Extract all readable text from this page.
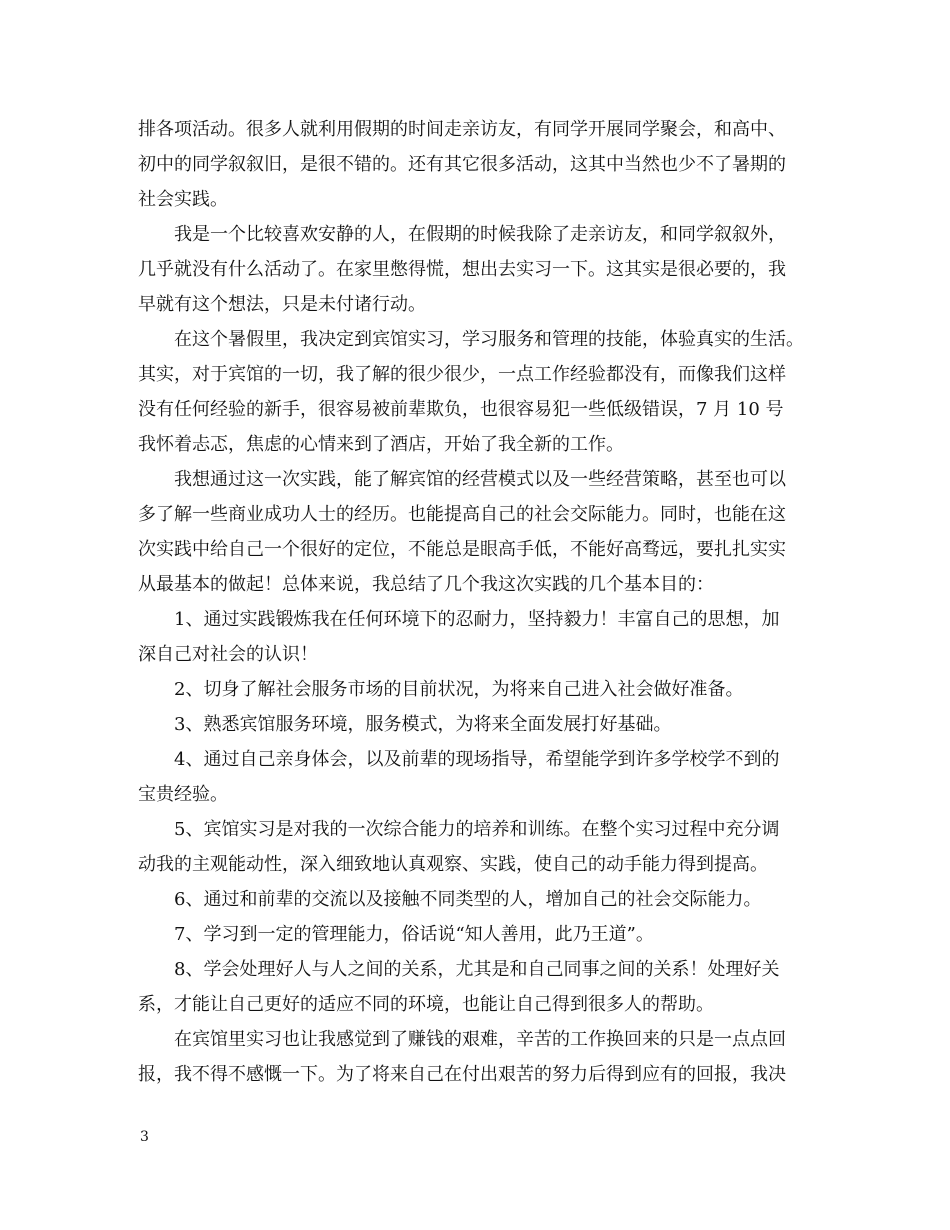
排各项活动。很多人就利用假期的时间走亲访友，有同学开展同学聚会，和高中、
初中的同学叙叙旧，是很不错的。还有其它很多活动，这其中当然也少不了暑期的
社会实践。
我是一个比较喜欢安静的人，在假期的时候我除了走亲访友，和同学叙叙外，
几乎就没有什么活动了。在家里憋得慌，想出去实习一下。这其实是很必要的，我
早就有这个想法，只是未付诸行动。
在这个暑假里，我决定到宾馆实习，学习服务和管理的技能，体验真实的生活。
其实，对于宾馆的一切，我了解的很少很少，一点工作经验都没有，而像我们这样
没有任何经验的新手，很容易被前辈欺负，也很容易犯一些低级错误，7 月 10 号
我怀着忐忑，焦虑的心情来到了酒店，开始了我全新的工作。
我想通过这一次实践，能了解宾馆的经营模式以及一些经营策略，甚至也可以
多了解一些商业成功人士的经历。也能提高自己的社会交际能力。同时，也能在这
次实践中给自己一个很好的定位，不能总是眼高手低，不能好高骛远，要扎扎实实
从最基本的做起！总体来说，我总结了几个我这次实践的几个基本目的：
1、通过实践锻炼我在任何环境下的忍耐力，坚持毅力！丰富自己的思想，加
深自己对社会的认识！
2、切身了解社会服务市场的目前状况，为将来自己进入社会做好准备。
3、熟悉宾馆服务环境，服务模式，为将来全面发展打好基础。
4、通过自己亲身体会，以及前辈的现场指导，希望能学到许多学校学不到的
宝贵经验。
5、宾馆实习是对我的一次综合能力的培养和训练。在整个实习过程中充分调
动我的主观能动性，深入细致地认真观察、实践，使自己的动手能力得到提高。
6、通过和前辈的交流以及接触不同类型的人，增加自己的社会交际能力。
7、学习到一定的管理能力，俗话说“知人善用，此乃王道”。
8、学会处理好人与人之间的关系，尤其是和自己同事之间的关系！处理好关
系，才能让自己更好的适应不同的环境，也能让自己得到很多人的帮助。
在宾馆里实习也让我感觉到了赚钱的艰难，辛苦的工作换回来的只是一点点回
报，我不得不感慨一下。为了将来自己在付出艰苦的努力后得到应有的回报，我决
3
